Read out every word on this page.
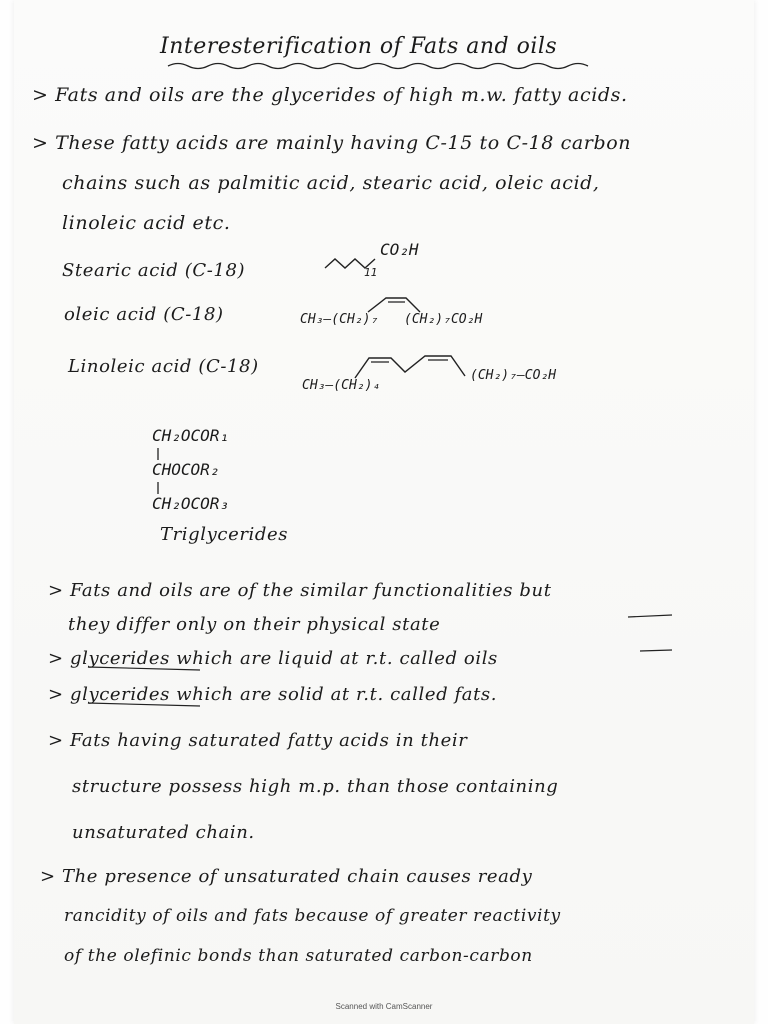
Interesterification of Fats and oils
> Fats and oils are the glycerides of high m.w. fatty acids.
> These fatty acids are mainly having C-15 to C-18 carbon
chains such as palmitic acid, stearic acid, oleic acid,
linoleic acid etc.
Stearic acid (C-18)
CO₂H
11
oleic acid (C-18)	CH₃–(CH₂)₇ (CH₂)₇CO₂H
Linoleic acid (C-18)
CH₃–(CH₂)₄
(CH₂)₇–CO₂H
CH₂OCOR₁
CHOCOR₂
CH₂OCOR₃
Triglycerides
> Fats and oils are of the similar functionalities but
they differ only on their physical state
> glycerides which are liquid at r.t. called oils
> glycerides which are solid at r.t. called fats.
> Fats having saturated fatty acids in their
structure possess high m.p. than those containing
unsaturated chain.
> The presence of unsaturated chain causes ready
rancidity of oils and fats because of greater reactivity
of the olefinic bonds than saturated carbon-carbon
Scanned with CamScanner
